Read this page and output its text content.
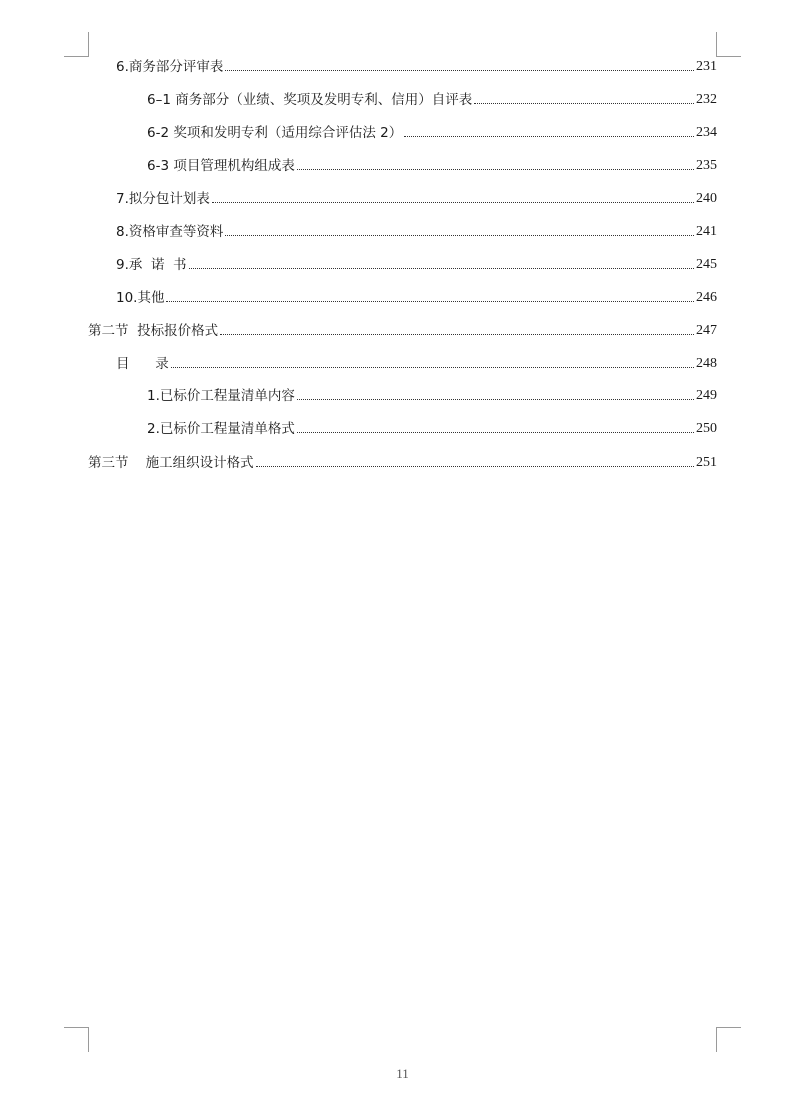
6.商务部分评审表	231
6–1 商务部分（业绩、奖项及发明专利、信用）自评表	232
6-2 奖项和发明专利（适用综合评估法 2）	234
6-3 项目管理机构组成表	235
7.拟分包计划表	240
8.资格审查等资料	241
9.承  诺  书	245
10.其他	246
第二节  投标报价格式	247
目      录	248
1.已标价工程量清单内容	249
2.已标价工程量清单格式	250
第三节    施工组织设计格式	251
11
